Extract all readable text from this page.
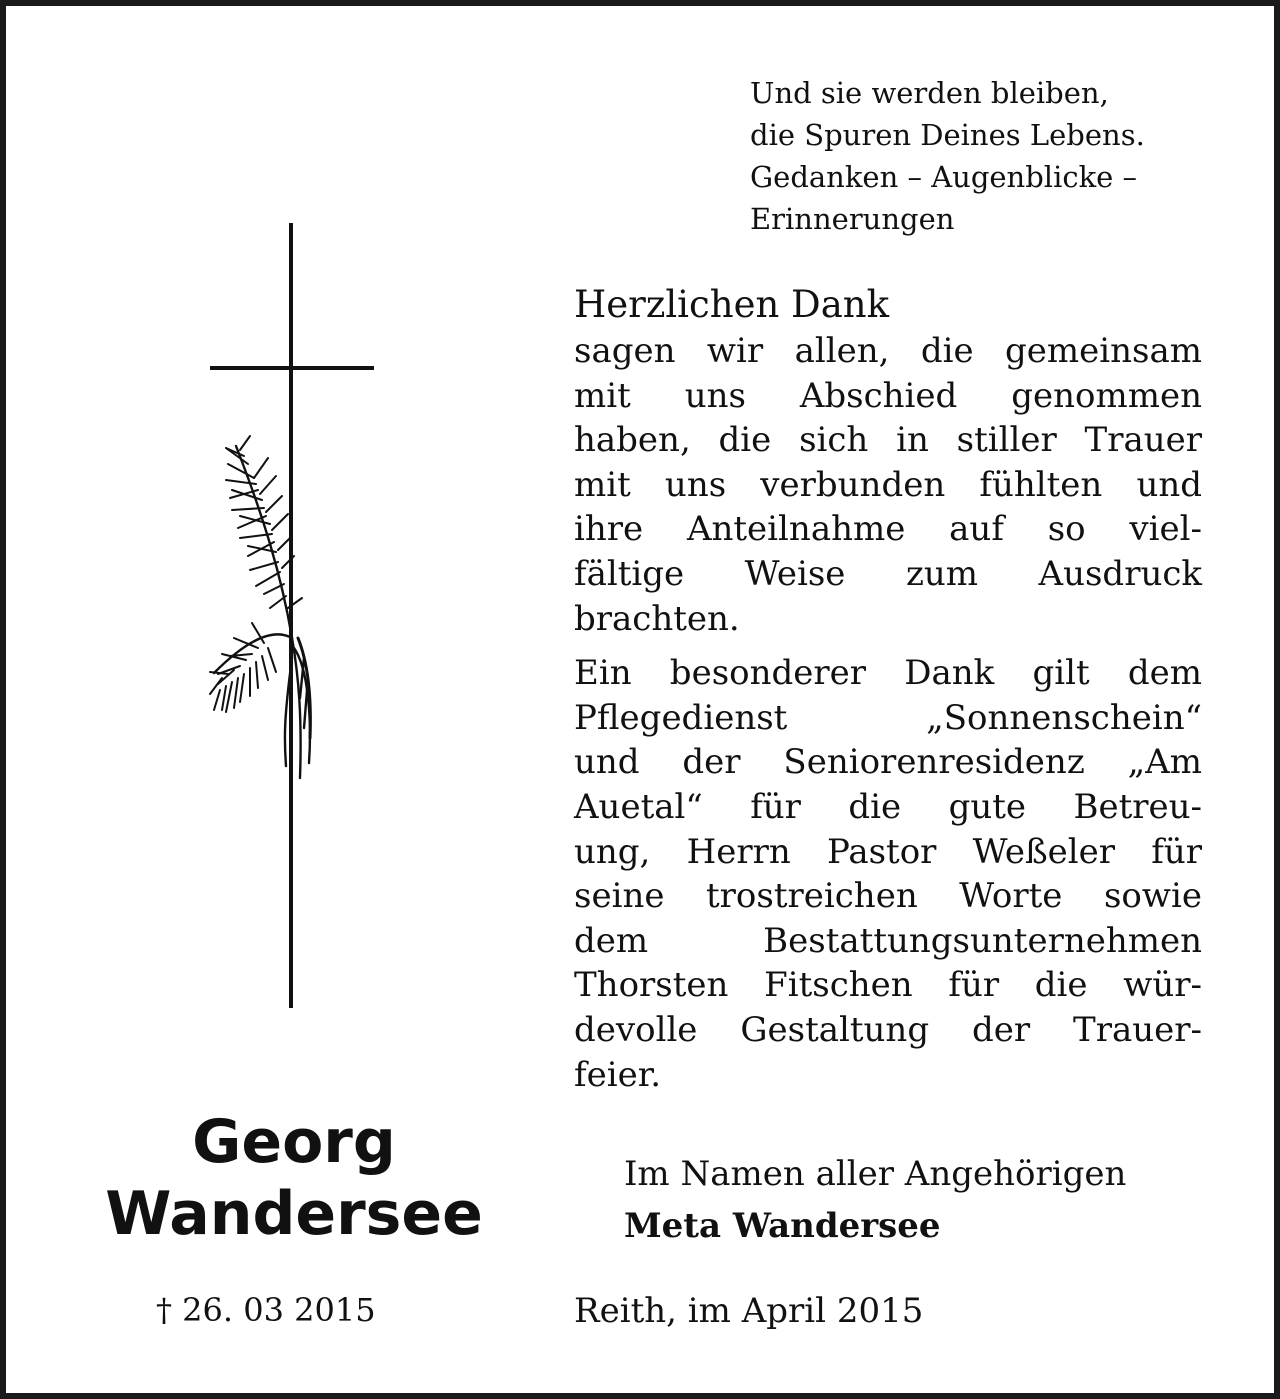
Und sie werden bleiben,
die Spuren Deines Lebens.
Gedanken – Augenblicke –
Erinnerungen
Herzlichen Dank
sagen wir allen, die gemeinsam
mit uns Abschied genommen
haben, die sich in stiller Trauer
mit uns verbunden fühlten und
ihre Anteilnahme auf so viel-
fältige Weise zum Ausdruck
brachten.
Ein besonderer Dank gilt dem
Pflegedienst „Sonnenschein“
und der Seniorenresidenz „Am
Auetal“ für die gute Betreu-
ung, Herrn Pastor Weßeler für
seine trostreichen Worte sowie
dem Bestattungsunternehmen
Thorsten Fitschen für die wür-
devolle Gestaltung der Trauer-
feier.
Im Namen aller Angehörigen
Meta Wandersee
Reith, im April 2015
Georg
Wandersee
† 26. 03 2015
